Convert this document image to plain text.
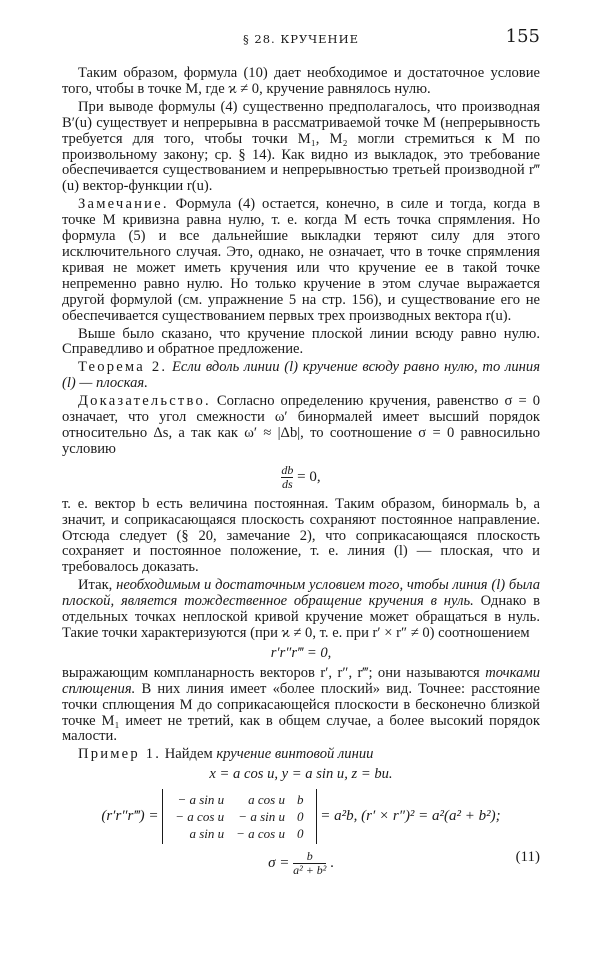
§ 28. КРУЧЕНИЕ	155

Таким образом, формула (10) дает необходимое и достаточное условие того, чтобы в точке M, где ϰ ≠ 0, кручение равнялось нулю.

При выводе формулы (4) существенно предполагалось, что производная B′(u) существует и непрерывна в рассматриваемой точке M (непрерывность требуется для того, чтобы точки M₁, M₂ могли стремиться к M по произвольному закону; ср. § 14). Как видно из выкладок, это требование обеспечивается существованием и непрерывностью третьей производной r‴(u) вектор-функции r(u).

Замечание. Формула (4) остается, конечно, в силе и тогда, когда в точке M кривизна равна нулю, т. е. когда M есть точка спрямления. Но формула (5) и все дальнейшие выкладки теряют силу для этого исключительного случая. Это, однако, не означает, что в точке спрямления кривая не может иметь кручения или что кручение ее в такой точке непременно равно нулю. Но только кручение в этом случае выражается другой формулой (см. упражнение 5 на стр. 156), и существование его не обеспечивается существованием первых трех производных вектора r(u).

Выше было сказано, что кручение плоской линии всюду равно нулю. Справедливо и обратное предложение.

Теорема 2. Если вдоль линии (l) кручение всюду равно нулю, то линия (l) — плоская.

Доказательство. Согласно определению кручения, равенство σ = 0 означает, что угол смежности ω′ бинормалей имеет высший порядок относительно Δs, а так как ω′ ≈ |Δb|, то соотношение σ = 0 равносильно условию

$\frac{db}{ds} = 0$,

т. е. вектор b есть величина постоянная. Таким образом, бинормаль b, а значит, и соприкасающаяся плоскость сохраняют постоянное направление. Отсюда следует (§ 20, замечание 2), что соприкасающаяся плоскость сохраняет и постоянное положение, т. е. линия (l) — плоская, что и требовалось доказать.

Итак, необходимым и достаточным условием того, чтобы линия (l) была плоской, является тождественное обращение кручения в нуль. Однако в отдельных точках неплоской кривой кручение может обращаться в нуль. Такие точки характеризуются (при ϰ ≠ 0, т. е. при r′ × r″ ≠ 0) соотношением

r′r″r‴ = 0,

выражающим компланарность векторов r′, r″, r‴; они называются точками сплющения. В них линия имеет «более плоский» вид. Точнее: расстояние точки сплющения M до соприкасающейся плоскости в бесконечно близкой точке M₁ имеет не третий, как в общем случае, а более высокий порядок малости.

Пример 1. Найдем кручение винтовой линии

x = a cos u, y = a sin u, z = bu.
(r′r″r‴) = − a sin u	a cos u	b
− a cos u	− a sin u	0
a sin u	− a cos u	0 = a²b, (r′ × r″)² = a²(a² + b²);
$\sigma = \frac{b}{\text{a² + b²}}$ .	(11)
